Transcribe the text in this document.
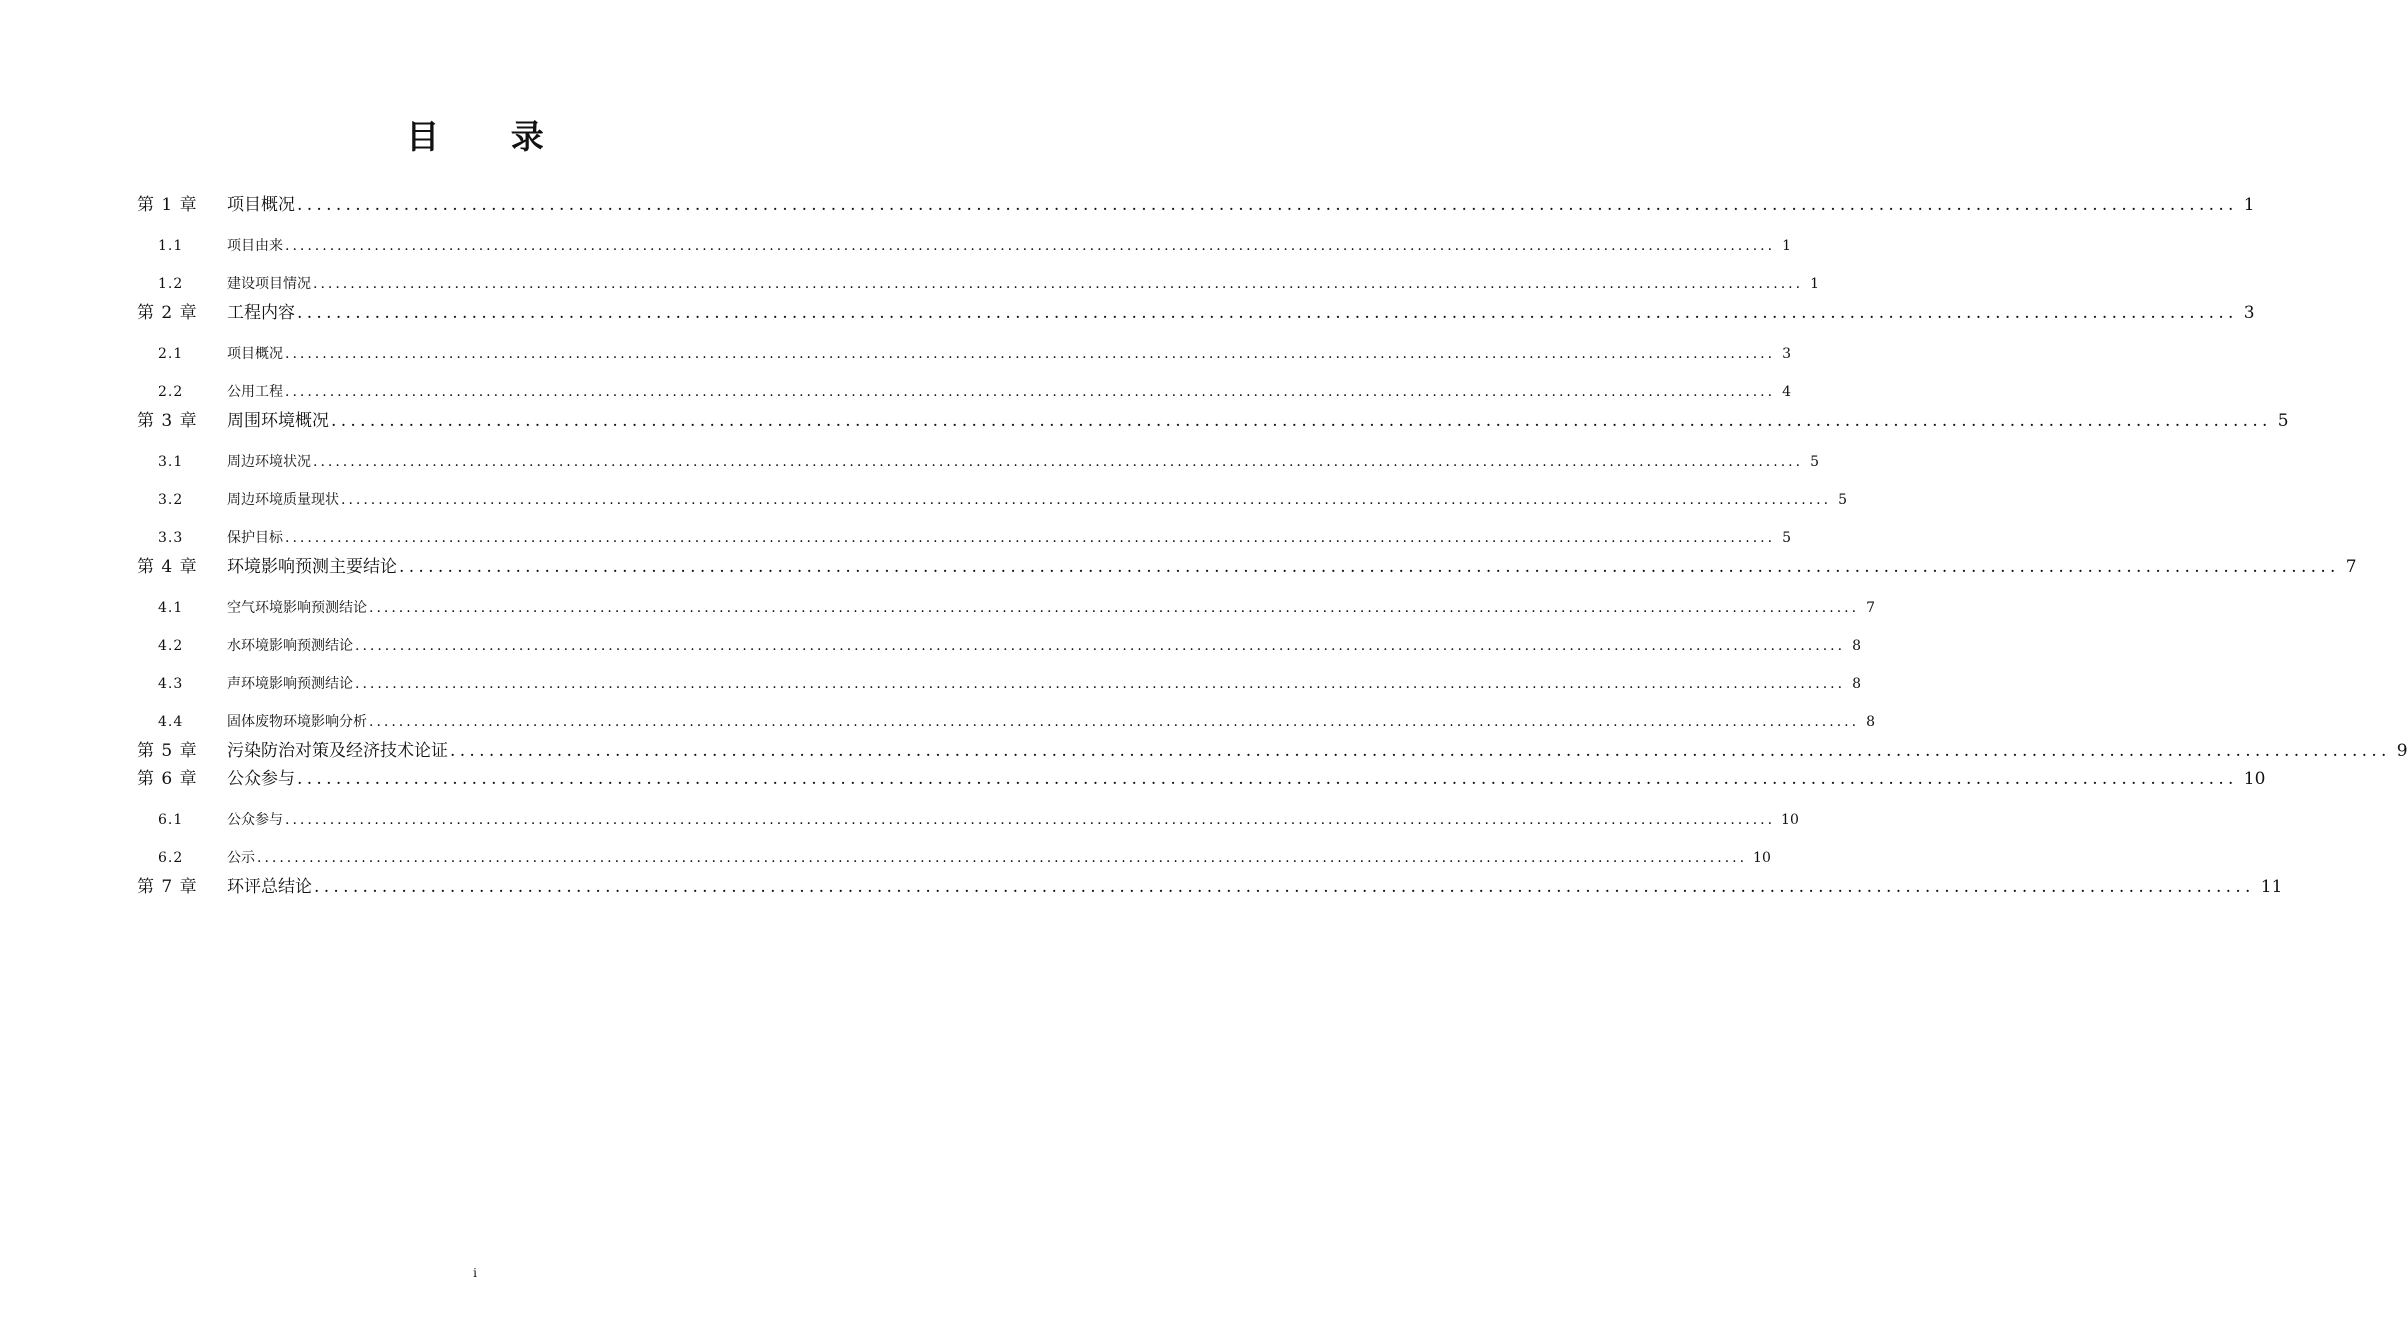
目 录
第 1 章	项目概况 ........................................................................................................................................................................................................ 1
1.1	项目由来 ........................................................................................................................................................................................................ 1
1.2	建设项目情况 ........................................................................................................................................................................................................ 1
第 2 章	工程内容 ........................................................................................................................................................................................................ 3
2.1	项目概况 ........................................................................................................................................................................................................ 3
2.2	公用工程 ........................................................................................................................................................................................................ 4
第 3 章	周围环境概况 ........................................................................................................................................................................................................ 5
3.1	周边环境状况 ........................................................................................................................................................................................................ 5
3.2	周边环境质量现状 ........................................................................................................................................................................................................ 5
3.3	保护目标 ........................................................................................................................................................................................................ 5
第 4 章	环境影响预测主要结论 ........................................................................................................................................................................................................ 7
4.1	空气环境影响预测结论 ........................................................................................................................................................................................................ 7
4.2	水环境影响预测结论 ........................................................................................................................................................................................................ 8
4.3	声环境影响预测结论 ........................................................................................................................................................................................................ 8
4.4	固体废物环境影响分析 ........................................................................................................................................................................................................ 8
第 5 章	污染防治对策及经济技术论证 ........................................................................................................................................................................................................ 9
第 6 章	公众参与 ........................................................................................................................................................................................................ 10
6.1	公众参与 ........................................................................................................................................................................................................ 10
6.2	公示 ........................................................................................................................................................................................................ 10
第 7 章	环评总结论 ........................................................................................................................................................................................................ 11
i
